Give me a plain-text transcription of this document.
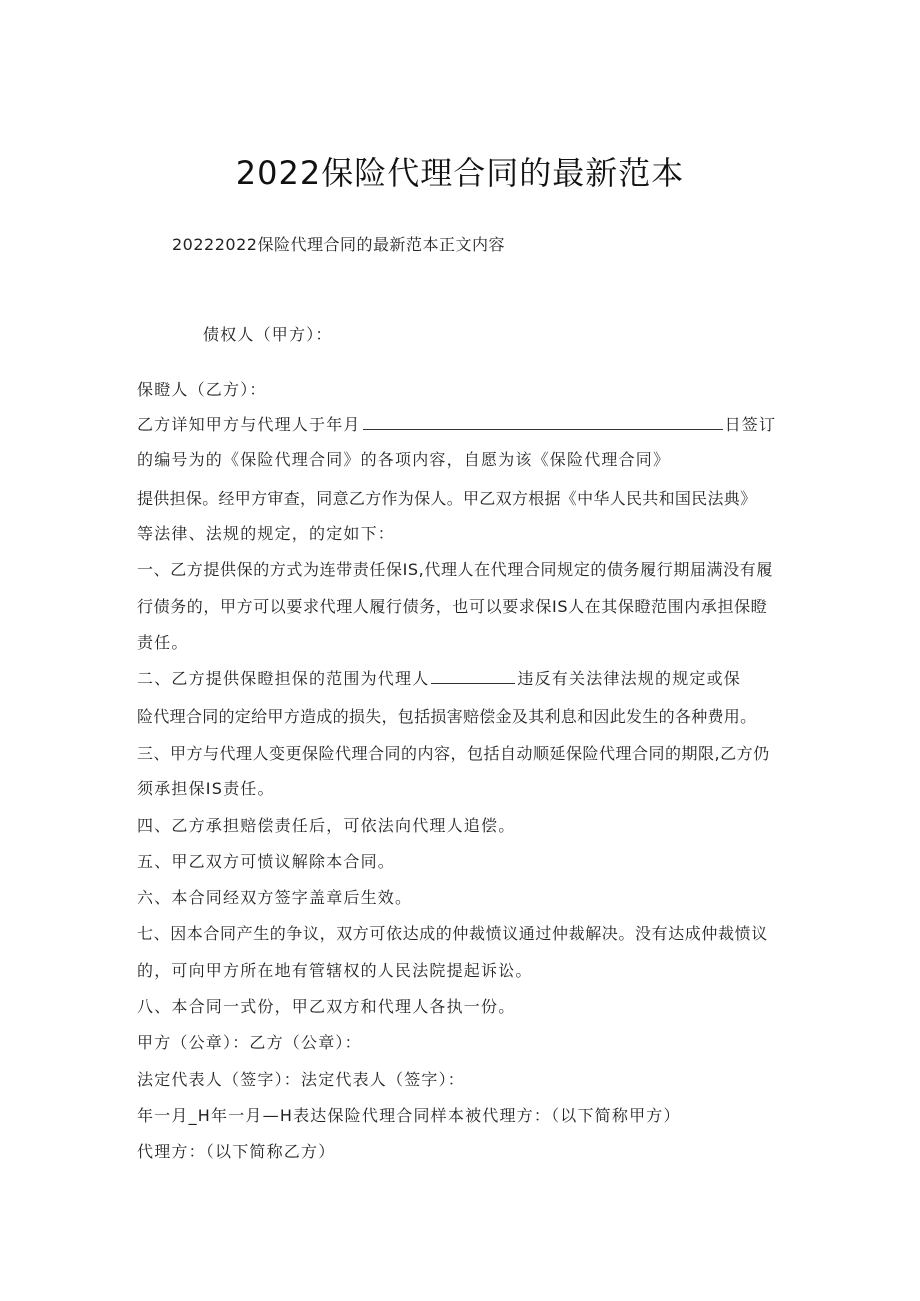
2022保险代理合同的最新范本
20222022保险代理合同的最新范本正文内容
债权人（甲方）：
保瞪人（乙方）：
乙方详知甲方与代理人于年月	日签订
的编号为的《保险代理合同》的各项内容，自愿为该《保险代理合同》
提供担保。经甲方审查，同意乙方作为保人。甲乙双方根据《中华人民共和国民法典》
等法律、法规的规定，的定如下：
一、乙方提供保的方式为连带责任保IS,代理人在代理合同规定的债务履行期届满没有履
行债务的，甲方可以要求代理人履行债务，也可以要求保IS人在其保瞪范围内承担保瞪
责任。
二、乙方提供保瞪担保的范围为代理人	违反有关法律法规的规定或保
险代理合同的定给甲方造成的损失，包括损害赔偿金及其利息和因此发生的各种费用。
三、甲方与代理人变更保险代理合同的内容，包括自动顺延保险代理合同的期限,乙方仍
须承担保IS责任。
四、乙方承担赔偿责任后，可依法向代理人追偿。
五、甲乙双方可愤议解除本合同。
六、本合同经双方签字盖章后生效。
七、因本合同产生的争议，双方可依达成的仲裁愤议通过仲裁解决。没有达成仲裁愤议
的，可向甲方所在地有管辖权的人民法院提起诉讼。
八、本合同一式份，甲乙双方和代理人各执一份。
甲方（公章）：乙方（公章）：
法定代表人（签字）：法定代表人（签字）：
年一月_H年一月—H表达保险代理合同样本被代理方：（以下简称甲方）
代理方：（以下简称乙方）
